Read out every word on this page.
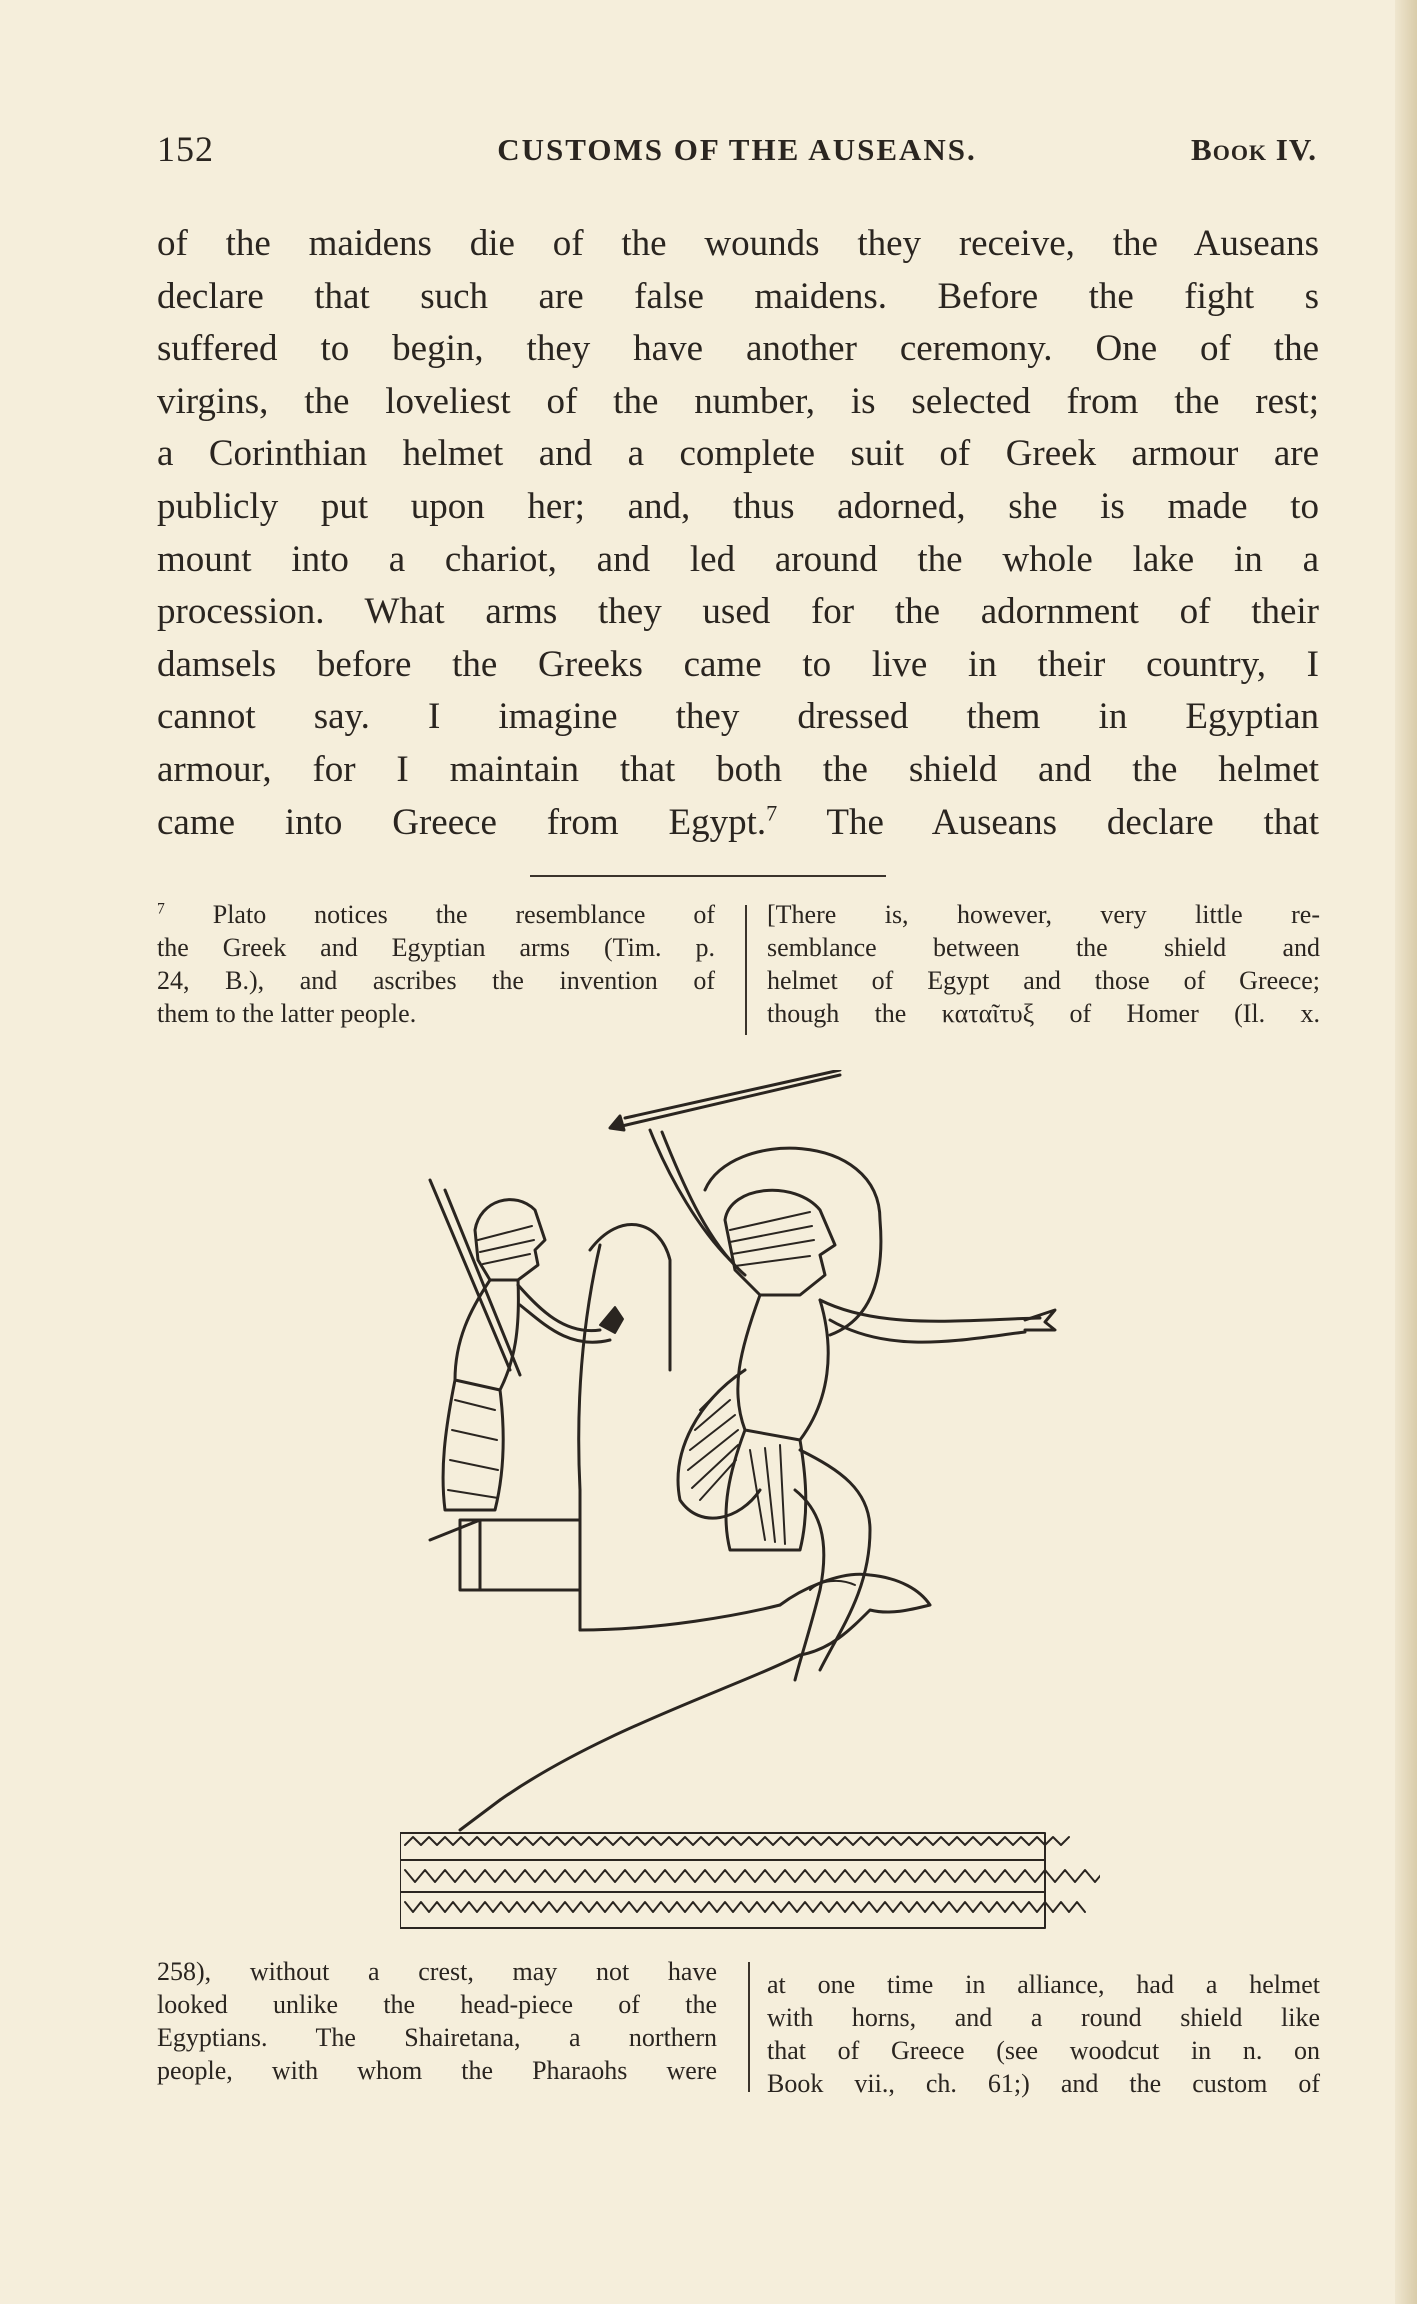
152	CUSTOMS OF THE AUSEANS.	Book IV.
of the maidens die of the wounds they receive, the Auseans
declare that such are false maidens. Before the fight s
suffered to begin, they have another ceremony. One of the
virgins, the loveliest of the number, is selected from the rest;
a Corinthian helmet and a complete suit of Greek armour are
publicly put upon her; and, thus adorned, she is made to
mount into a chariot, and led around the whole lake in a
procession. What arms they used for the adornment of their
damsels before the Greeks came to live in their country, I
cannot say. I imagine they dressed them in Egyptian
armour, for I maintain that both the shield and the helmet
came into Greece from Egypt.$^7$ The Auseans declare that
$^7$ Plato notices the resemblance of
the Greek and Egyptian arms (Tim. p.
24, B.), and ascribes the invention of
them to the latter people.
[There is, however, very little re-
semblance between the shield and
helmet of Egypt and those of Greece;
though the καταῖτυξ of Homer (Il. x.
258), without a crest, may not have
looked unlike the head-piece of the
Egyptians. The Shairetana, a northern
people, with whom the Pharaohs were
at one time in alliance, had a helmet
with horns, and a round shield like
that of Greece (see woodcut in n. on
Book vii., ch. 61;) and the custom of
